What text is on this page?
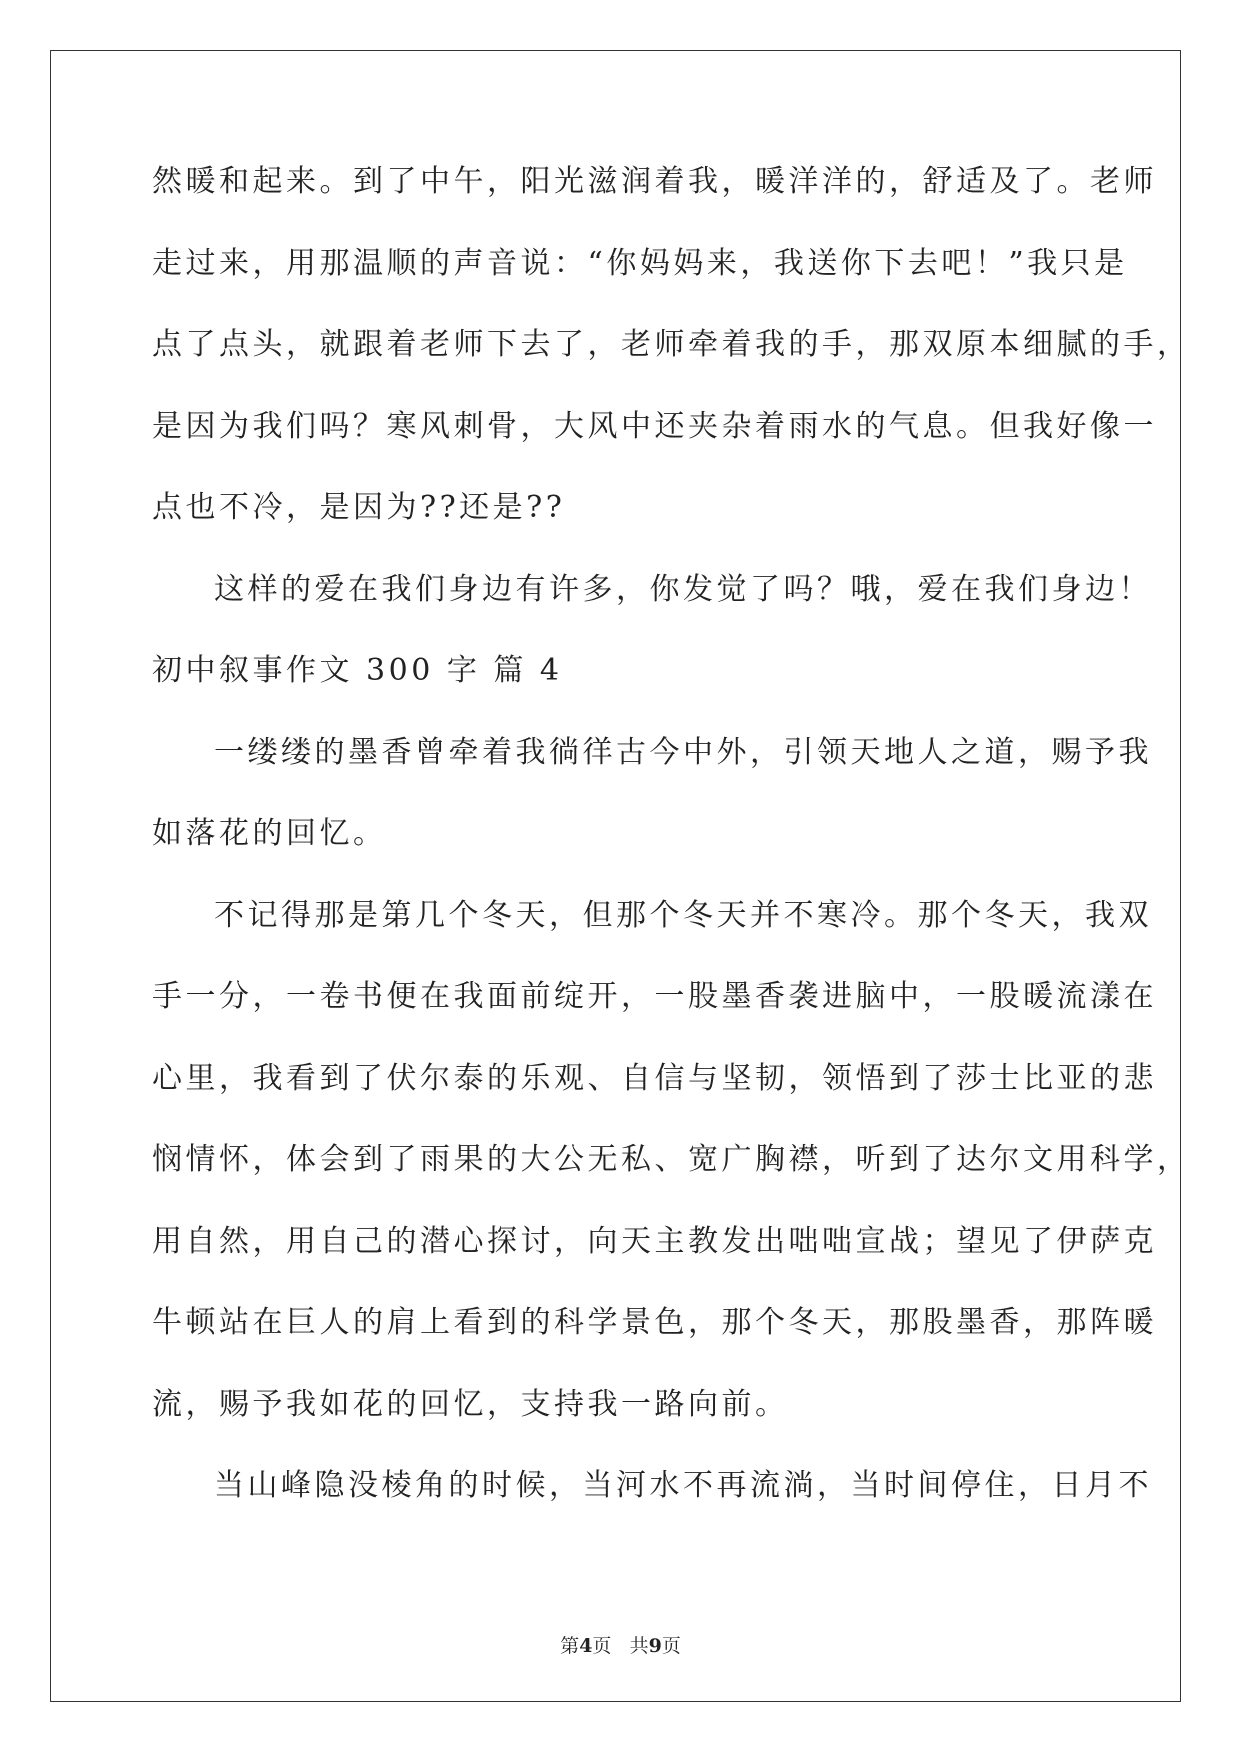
然暖和起来。到了中午，阳光滋润着我，暖洋洋的，舒适及了。老师
走过来，用那温顺的声音说：“你妈妈来，我送你下去吧！”我只是
点了点头，就跟着老师下去了，老师牵着我的手，那双原本细腻的手，
是因为我们吗？寒风刺骨，大风中还夹杂着雨水的气息。但我好像一
点也不冷，是因为??还是??
这样的爱在我们身边有许多，你发觉了吗？哦，爱在我们身边！
初中叙事作文 300 字 篇 4
一缕缕的墨香曾牵着我徜徉古今中外，引领天地人之道，赐予我
如落花的回忆。
不记得那是第几个冬天，但那个冬天并不寒冷。那个冬天，我双
手一分，一卷书便在我面前绽开，一股墨香袭进脑中，一股暖流漾在
心里，我看到了伏尔泰的乐观、自信与坚韧，领悟到了莎士比亚的悲
悯情怀，体会到了雨果的大公无私、宽广胸襟，听到了达尔文用科学，
用自然，用自己的潜心探讨，向天主教发出咄咄宣战；望见了伊萨克
牛顿站在巨人的肩上看到的科学景色，那个冬天，那股墨香，那阵暖
流，赐予我如花的回忆，支持我一路向前。
当山峰隐没棱角的时候，当河水不再流淌，当时间停住，日月不
第4页 共9页
